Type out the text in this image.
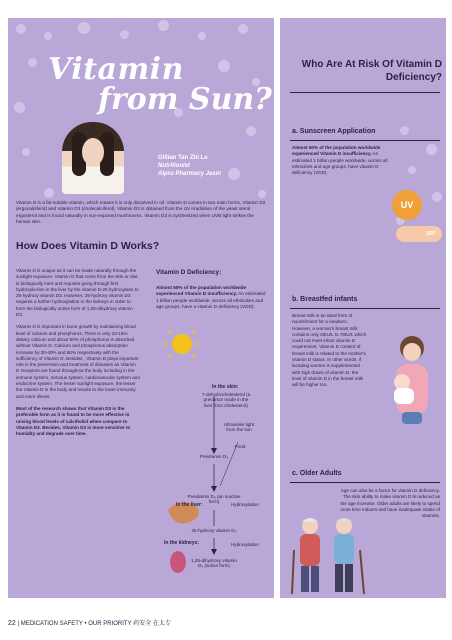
Vitamin
from Sun?
Gillian Tan Zhi Le
Nutritionist
Alpro Pharmacy Jasin
Vitamin D is a fat-soluble vitamin, which means it is only dissolved in oil. Vitamin D comes in two main forms, Vitamin D2 (ergocalciferol) and Vitamin D3 (cholecalciferol). Vitamin D2 is obtained from the UV irradiation of the yeast sterol ergosterol and is found naturally in sun-exposed mushrooms. Vitamin D3 is synthesized when UVB light strikes the human skin.
How Does Vitamin D Works?

Vitamin D is unique as it can be made naturally through the sunlight exposure. Vitamin D that come from the skin or diet is biologically inert and requires going through first hydroxyla-tion in the liver by the vitamin D-25 hydroxylase to 25-hydroxy vitamin D3. However, 25-hydroxy vitamin D3 requires a further hydroxylation in the kidneys in order to form the biologically active form of 1,25-dihydroxy vitamin D3.

Vitamin D is important in bone growth by maintaining blood level of calcium and phosphorus. There is only 10-15% dietary calcium and about 60% of phosphorus is absorbed without Vitamin D. Calcium and phosphorus absorption increase by 30-40% and 80% respectively with the sufficiency of Vitamin D. Besides , Vitamin D plays important role in the prevention and treatment of diseases as Vitamin D receptors are found throughout the body including in the immune system, nervous system, cardiovascular system and endocrine system. The lesser sunlight exposure, the lesser the Vitamin D in the body and results to the lower immunity and more illness.

Most of the research shows that Vitamin D3 is the preferable form as it is found to be more effective in raising blood levels of calcifediol when compare to Vitamin D2. Besides, Vitamin D3 is more sensitive to humidity and degrade over time.

Vitamin D Deficiency:
Almost 50% of the population worldwide experienced Vitamin D insufficiency. An estimated 1 billion people worldwide, across all ethnicities and age groups, have a vitamin D deficiency (VDD).
In the skin:
7-dehydrocholesterol (a precursor made in the liver from cholesterol)
Ultraviolet light from the sun
Previtamin D₃
Food
Previtamin D₃ (an inactive form)
In the liver:	Hydroxylation
25-hydroxy vitamin D₃
In the kidneys:	Hydroxylation
1,25-dihydroxy vitamin D₃ (active form)
Who Are At Risk Of Vitamin D Deficiency?
a. Sunscreen Application
Almost 50% of the population worldwide experienced Vitamin D insufficiency. An estimated 1 billion people worldwide, across all ethnicities and age groups, have vitamin D deficiency (VDD).
UV
SPF
b. Breastfed infants
Breast milk is an ideal form of nourishment for a newborn. However, a woman's breast milk contains only 25IU/L to 78IU/L which could not meet infant vitamin D requirement. Vitamin D content of breast milk is related to the mother's vitamin D status. In other words, if lactating women is supplemented with high doses of vitamin D, the level of vitamin D in the breast milk will be higher too.
c. Older Adults
Age can also be a factor for vitamin D deficiency. The skin ability to make vitamin D is reduced as the age increase. Older adults are likely to spend more time indoors and have inadequate intake of vitamins.
22 | MEDICATION SAFETY • OUR PRIORITY 药安全 在太专
